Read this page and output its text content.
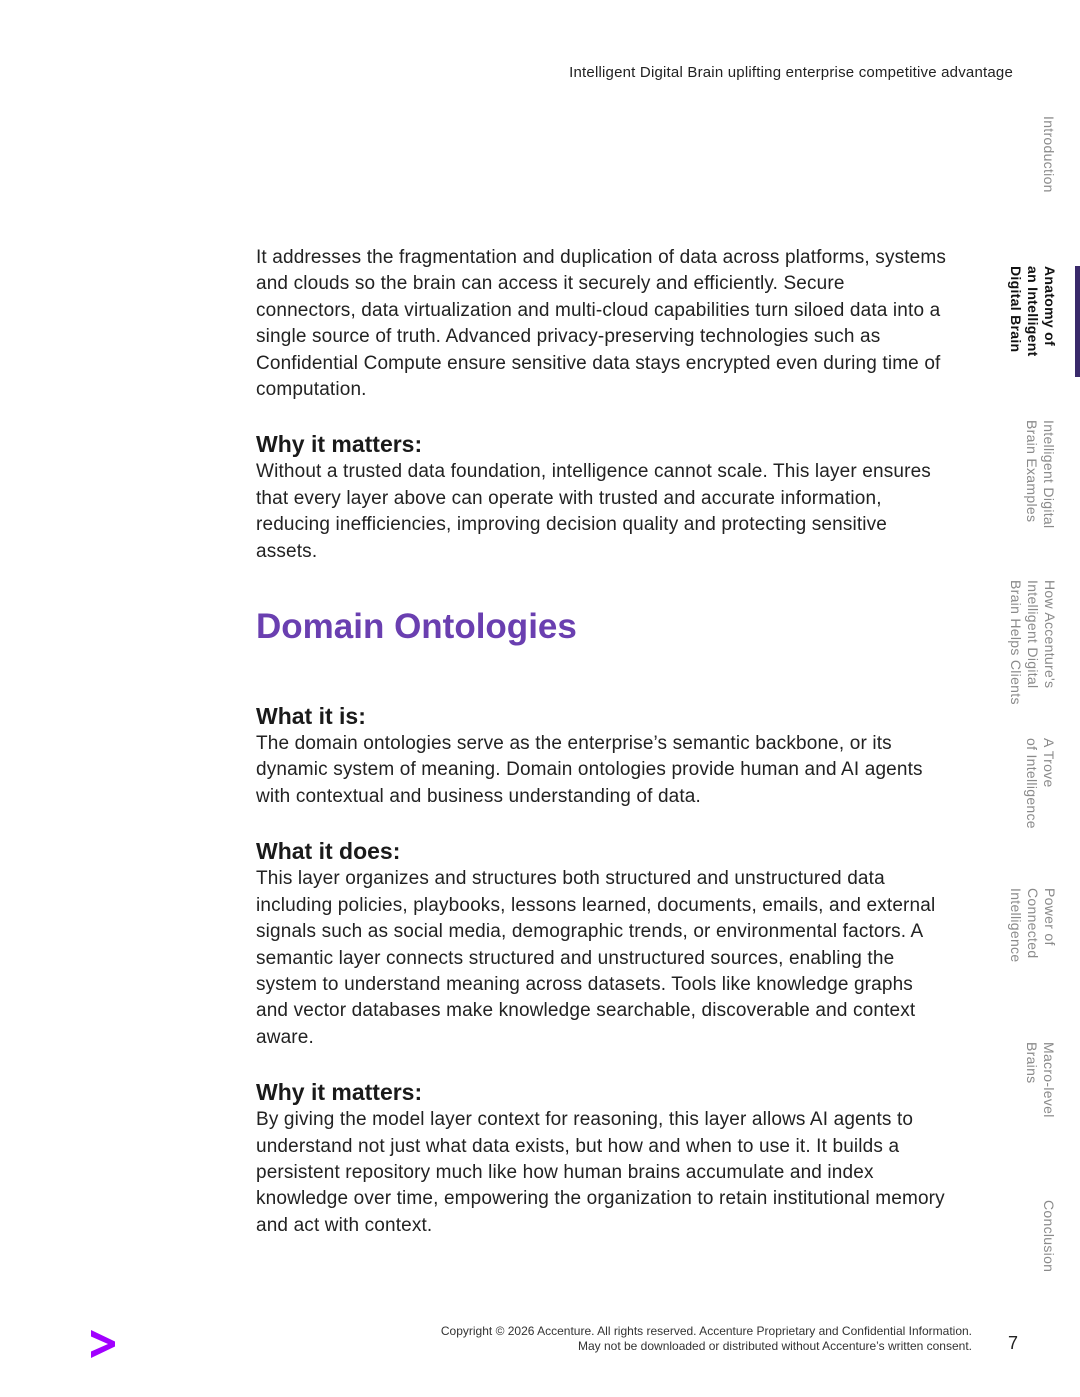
Intelligent Digital Brain uplifting enterprise competitive advantage

It addresses the fragmentation and duplication of data across platforms, systems and clouds so the brain can access it securely and efficiently. Secure connectors, data virtualization and multi-cloud capabilities turn siloed data into a single source of truth. Advanced privacy-preserving technologies such as Confidential Compute ensure sensitive data stays encrypted even during time of computation.

Why it matters:

Without a trusted data foundation, intelligence cannot scale. This layer ensures that every layer above can operate with trusted and accurate information, reducing inefficiencies, improving decision quality and protecting sensitive assets.

Domain Ontologies
What it is:

The domain ontologies serve as the enterprise’s semantic backbone, or its dynamic system of meaning. Domain ontologies provide human and AI agents with contextual and business understanding of data.

What it does:

This layer organizes and structures both structured and unstructured data including policies, playbooks, lessons learned, documents, emails, and external signals such as social media, demographic trends, or environmental factors. A semantic layer connects structured and unstructured sources, enabling the system to understand meaning across datasets. Tools like knowledge graphs and vector databases make knowledge searchable, discoverable and context aware.

Why it matters:

By giving the model layer context for reasoning, this layer allows AI agents to understand not just what data exists, but how and when to use it. It builds a persistent repository much like how human brains accumulate and index knowledge over time, empowering the organization to retain institutional memory and act with context.

Introduction
Anatomy of
an Intelligent
Digital Brain
Intelligent Digital
Brain Examples
How Accenture's
Intelligent Digital
Brain Helps Clients
A Trove
of Intelligence
Power of
Connected
Intelligence
Macro-level
Brains
Conclusion
Copyright © 2026 Accenture. All rights reserved. Accenture Proprietary and Confidential Information.
May not be downloaded or distributed without Accenture’s written consent. 7
